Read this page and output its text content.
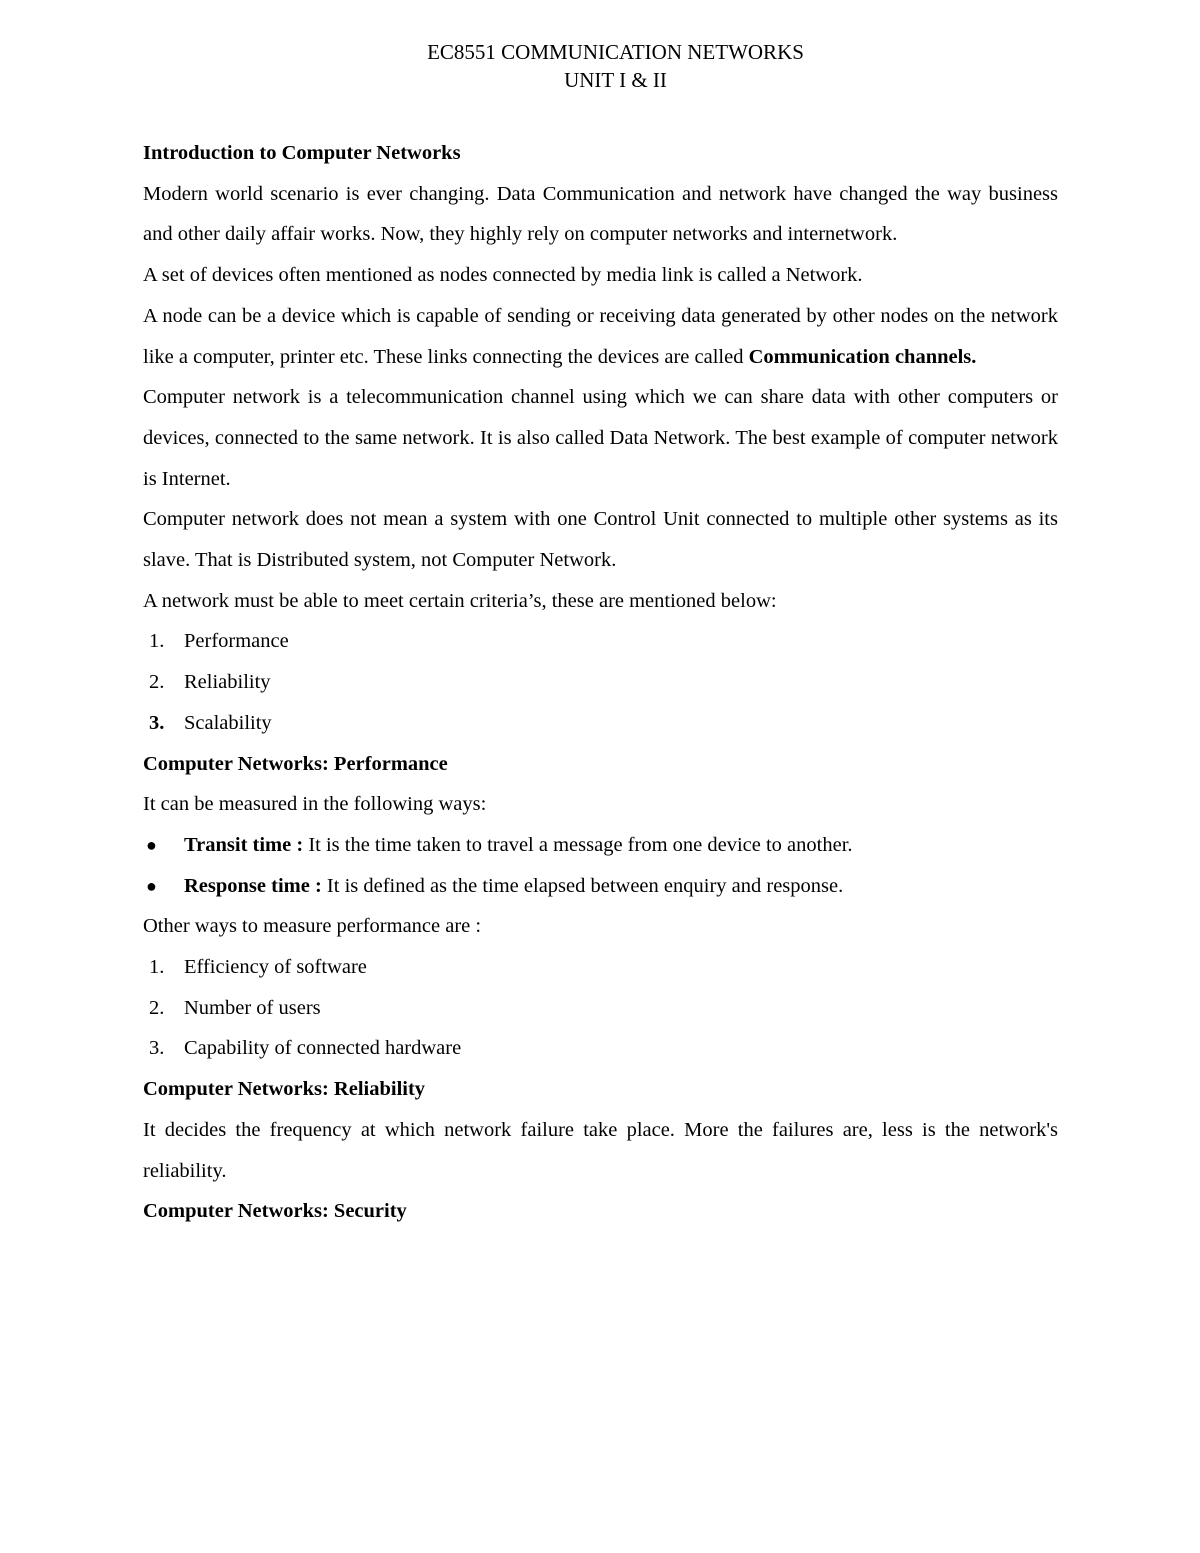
EC8551 COMMUNICATION NETWORKS
UNIT I & II
Introduction to Computer Networks

Modern world scenario is ever changing. Data Communication and network have changed the way business and other daily affair works. Now, they highly rely on computer networks and internetwork.

A set of devices often mentioned as nodes connected by media link is called a Network.

A node can be a device which is capable of sending or receiving data generated by other nodes on the network like a computer, printer etc. These links connecting the devices are called Communication channels.

Computer network is a telecommunication channel using which we can share data with other computers or devices, connected to the same network. It is also called Data Network. The best example of computer network is Internet.

Computer network does not mean a system with one Control Unit connected to multiple other systems as its slave. That is Distributed system, not Computer Network.

A network must be able to meet certain criteria’s, these are mentioned below:

1. Performance
2. Reliability
3. Scalability
Computer Networks: Performance

It can be measured in the following ways:

● Transit time : It is the time taken to travel a message from one device to another.
● Response time : It is defined as the time elapsed between enquiry and response.

Other ways to measure performance are :

1. Efficiency of software
2. Number of users
3. Capability of connected hardware
Computer Networks: Reliability

It decides the frequency at which network failure take place. More the failures are, less is the network's reliability.

Computer Networks: Security
